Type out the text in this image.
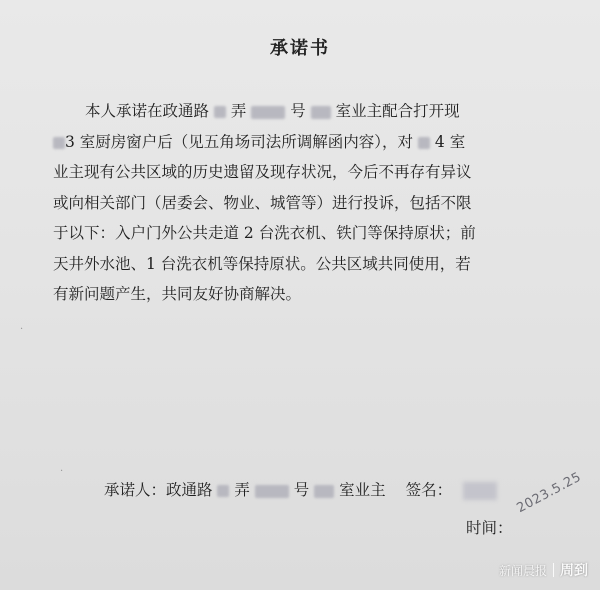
承诺书
本人承诺在政通路 弄	号 室业主配合打开现
3 室厨房窗户后（见五角场司法所调解函内容），对 4 室
业主现有公共区域的历史遗留及现存状况，今后不再存有异议
或向相关部门（居委会、物业、城管等）进行投诉，包括不限
于以下：入户门外公共走道 2 台洗衣机、铁门等保持原状；前
天井外水池、1 台洗衣机等保持原状。公共区域共同使用，若
有新问题产生，共同友好协商解决。
·
·
承诺人：政通路 弄	号 室业主 签名：
时间：
2023.5.25
新闻晨报 周到
